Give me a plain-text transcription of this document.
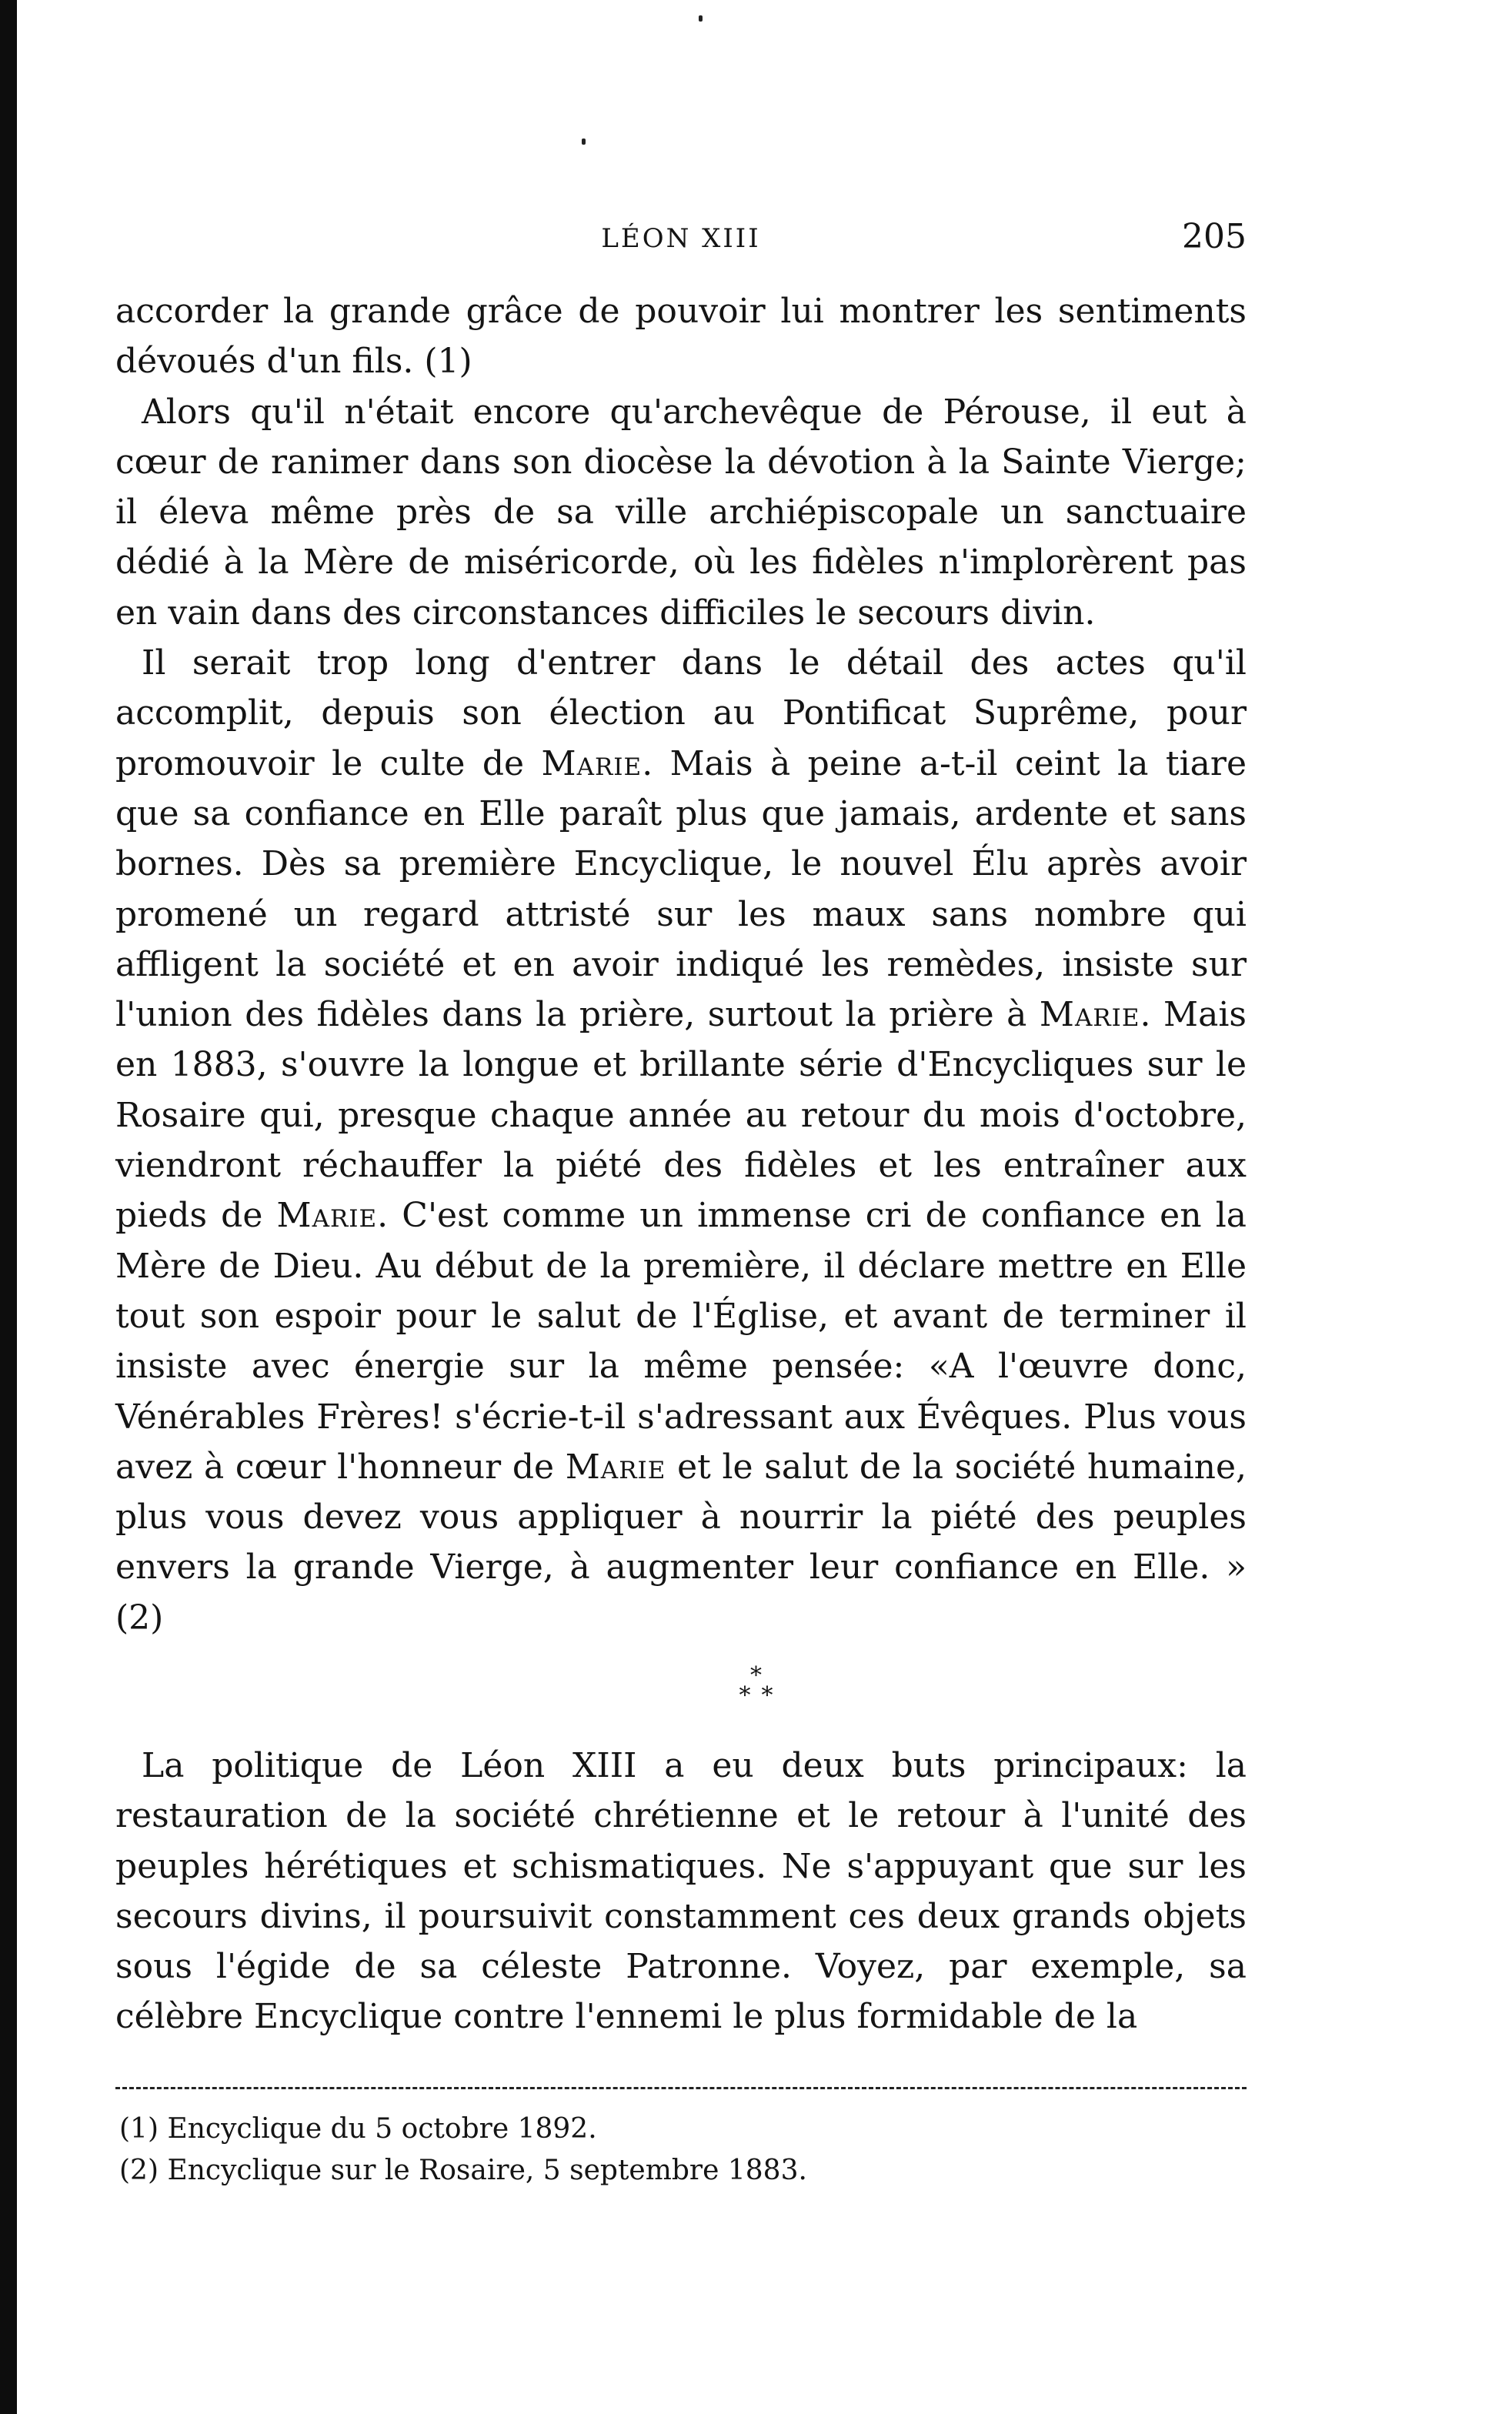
LÉON XIII	205

accorder la grande grâce de pouvoir lui montrer les sentiments dévoués d'un fils. (1)

Alors qu'il n'était encore qu'archevêque de Pérouse, il eut à cœur de ranimer dans son diocèse la dévotion à la Sainte Vierge; il éleva même près de sa ville archiépiscopale un sanctuaire dédié à la Mère de miséricorde, où les fidèles n'implorèrent pas en vain dans des circonstances difficiles le secours divin.

Il serait trop long d'entrer dans le détail des actes qu'il accomplit, depuis son élection au Pontificat Suprême, pour promouvoir le culte de Marie. Mais à peine a-t-il ceint la tiare que sa confiance en Elle paraît plus que jamais, ardente et sans bornes. Dès sa première Encyclique, le nouvel Élu après avoir promené un regard attristé sur les maux sans nombre qui affligent la société et en avoir indiqué les remèdes, insiste sur l'union des fidèles dans la prière, surtout la prière à Marie. Mais en 1883, s'ouvre la longue et brillante série d'Encycliques sur le Rosaire qui, presque chaque année au retour du mois d'octobre, viendront réchauffer la piété des fidèles et les entraîner aux pieds de Marie. C'est comme un immense cri de confiance en la Mère de Dieu. Au début de la première, il déclare mettre en Elle tout son espoir pour le salut de l'Église, et avant de terminer il insiste avec énergie sur la même pensée: «A l'œuvre donc, Vénérables Frères! s'écrie-t-il s'adressant aux Évêques. Plus vous avez à cœur l'honneur de Marie et le salut de la société humaine, plus vous devez vous appliquer à nourrir la piété des peuples envers la grande Vierge, à augmenter leur confiance en Elle. » (2)

*
**

La politique de Léon XIII a eu deux buts principaux: la restauration de la société chrétienne et le retour à l'unité des peuples hérétiques et schismatiques. Ne s'appuyant que sur les secours divins, il poursuivit constamment ces deux grands objets sous l'égide de sa céleste Patronne. Voyez, par exemple, sa célèbre Encyclique contre l'ennemi le plus formidable de la

(1) Encyclique du 5 octobre 1892.

(2) Encyclique sur le Rosaire, 5 septembre 1883.
